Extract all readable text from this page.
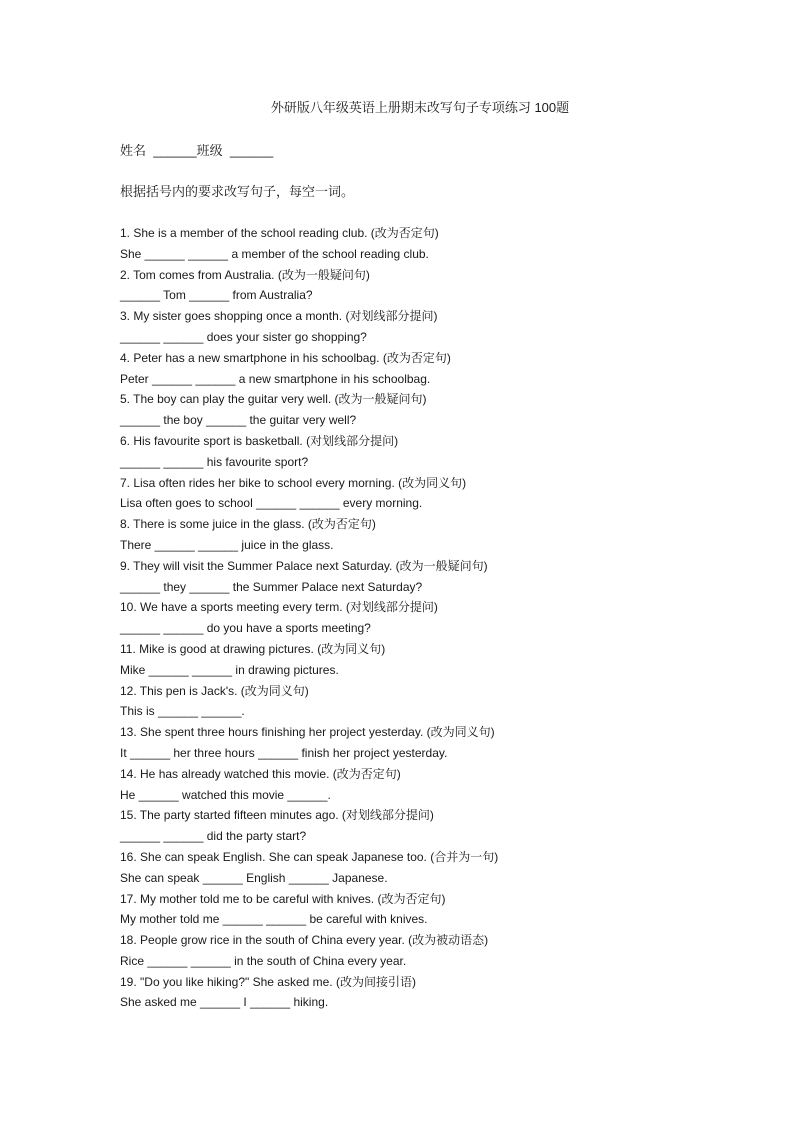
外研版八年级英语上册期末改写句子专项练习 100题
姓名  ______班级  ______
根据括号内的要求改写句子，每空一词。
1. She is a member of the school reading club. (改为否定句)
She ______ ______ a member of the school reading club.
2. Tom comes from Australia. (改为一般疑问句)
______ Tom ______ from Australia?
3. My sister goes shopping once a month. (对划线部分提问)
______ ______ does your sister go shopping?
4. Peter has a new smartphone in his schoolbag. (改为否定句)
Peter ______ ______ a new smartphone in his schoolbag.
5. The boy can play the guitar very well. (改为一般疑问句)
______ the boy ______ the guitar very well?
6. His favourite sport is basketball. (对划线部分提问)
______ ______ his favourite sport?
7. Lisa often rides her bike to school every morning. (改为同义句)
Lisa often goes to school ______ ______ every morning.
8. There is some juice in the glass. (改为否定句)
There ______ ______ juice in the glass.
9. They will visit the Summer Palace next Saturday. (改为一般疑问句)
______ they ______ the Summer Palace next Saturday?
10. We have a sports meeting every term. (对划线部分提问)
______ ______ do you have a sports meeting?
11. Mike is good at drawing pictures. (改为同义句)
Mike ______ ______ in drawing pictures.
12. This pen is Jack's. (改为同义句)
This is ______ ______.
13. She spent three hours finishing her project yesterday. (改为同义句)
It ______ her three hours ______ finish her project yesterday.
14. He has already watched this movie. (改为否定句)
He ______ watched this movie ______.
15. The party started fifteen minutes ago. (对划线部分提问)
______ ______ did the party start?
16. She can speak English. She can speak Japanese too. (合并为一句)
She can speak ______ English ______ Japanese.
17. My mother told me to be careful with knives. (改为否定句)
My mother told me ______ ______ be careful with knives.
18. People grow rice in the south of China every year. (改为被动语态)
Rice ______ ______ in the south of China every year.
19. "Do you like hiking?" She asked me. (改为间接引语)
She asked me ______ I ______ hiking.
